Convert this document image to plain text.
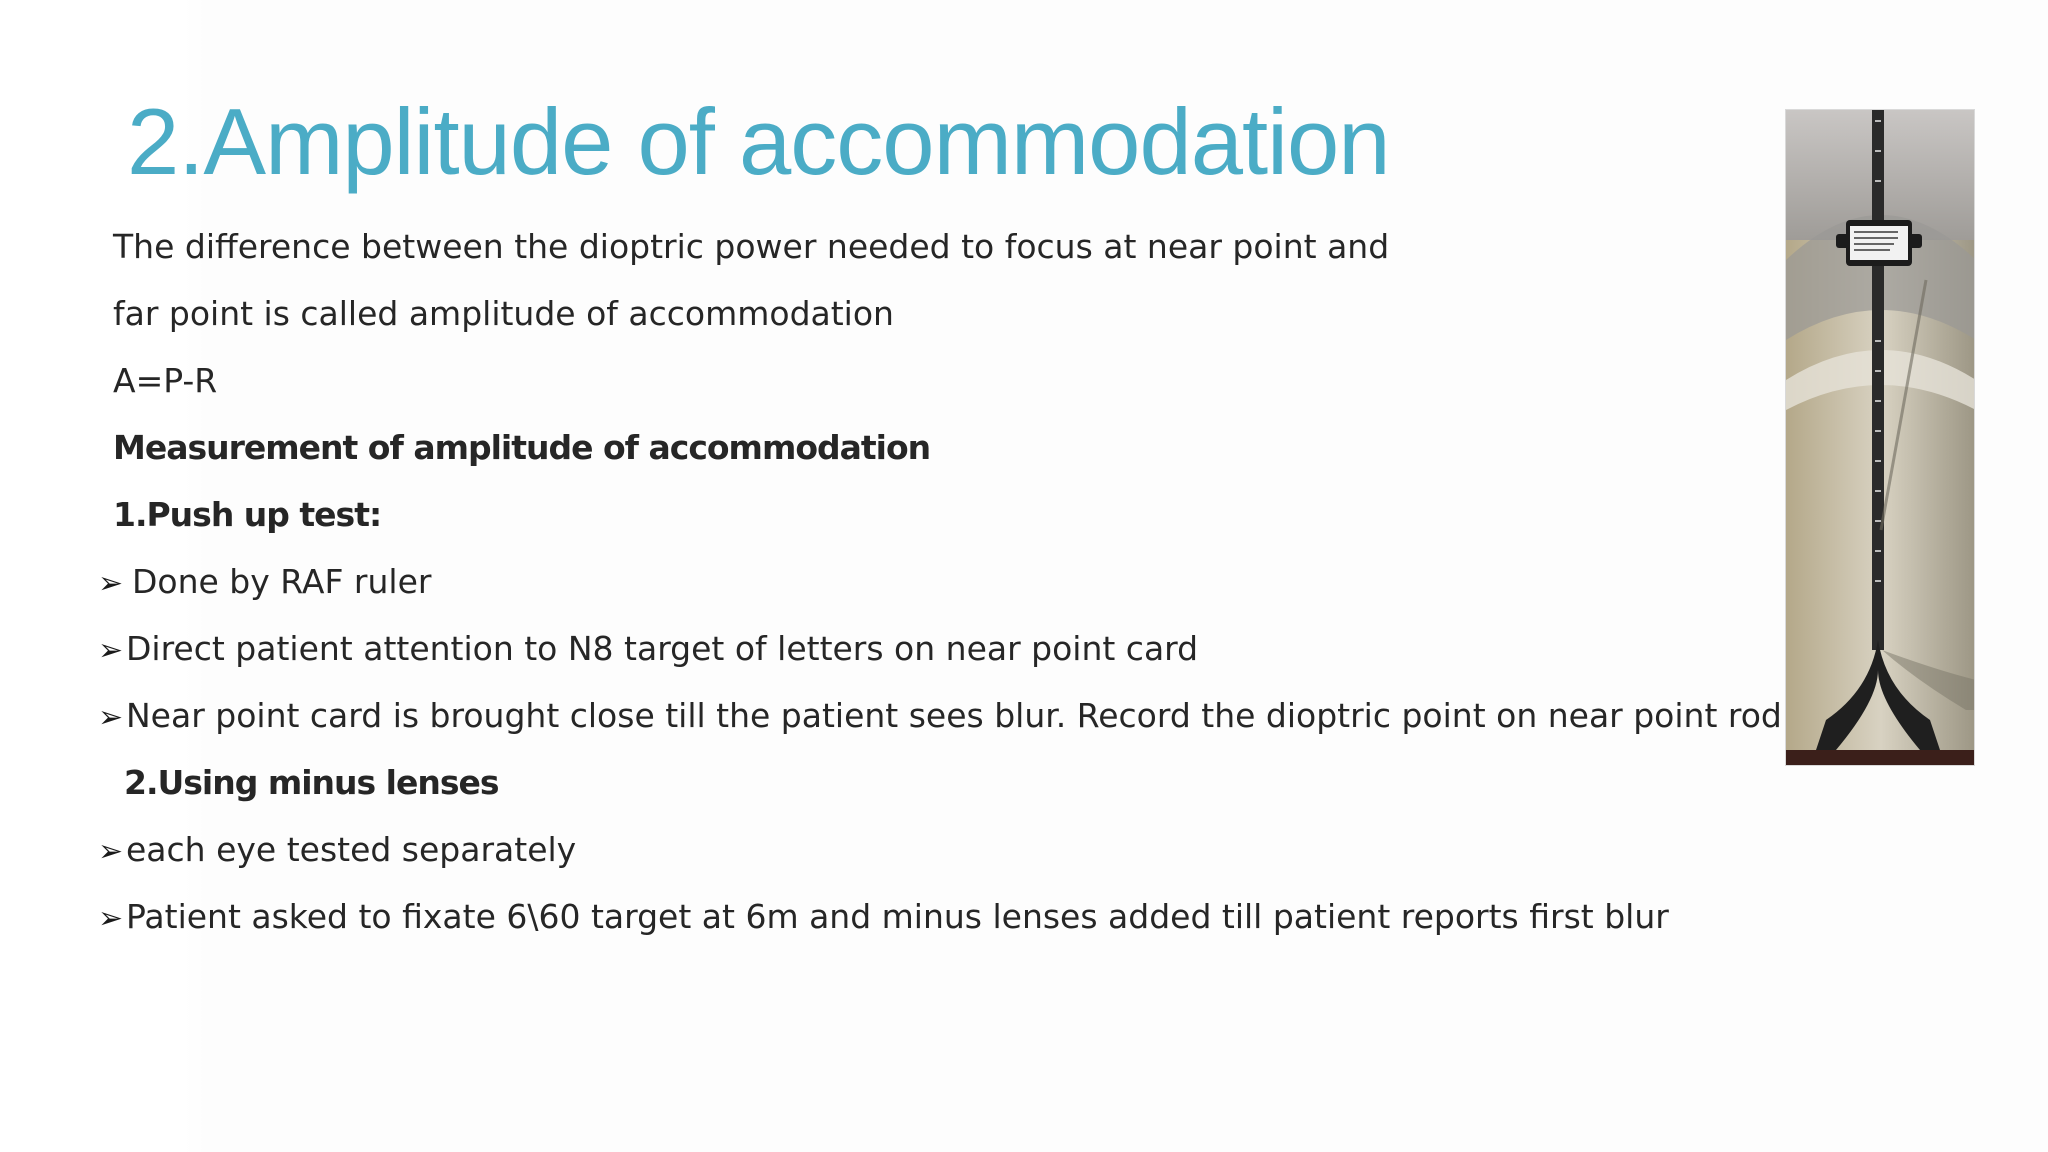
2.Amplitude of accommodation

The difference between the dioptric power needed to focus at near point and

far point is called amplitude of accommodation

A=P-R

Measurement of amplitude of accommodation

1.Push up test:

➢ Done by RAF ruler
➢Direct patient attention to N8 target of letters on near point card
➢Near point card is brought close till the patient sees blur. Record the dioptric point on near point rod

2.Using minus lenses

➢each eye tested separately
➢Patient asked to fixate 6\60 target at 6m and minus lenses added till patient reports first blur
